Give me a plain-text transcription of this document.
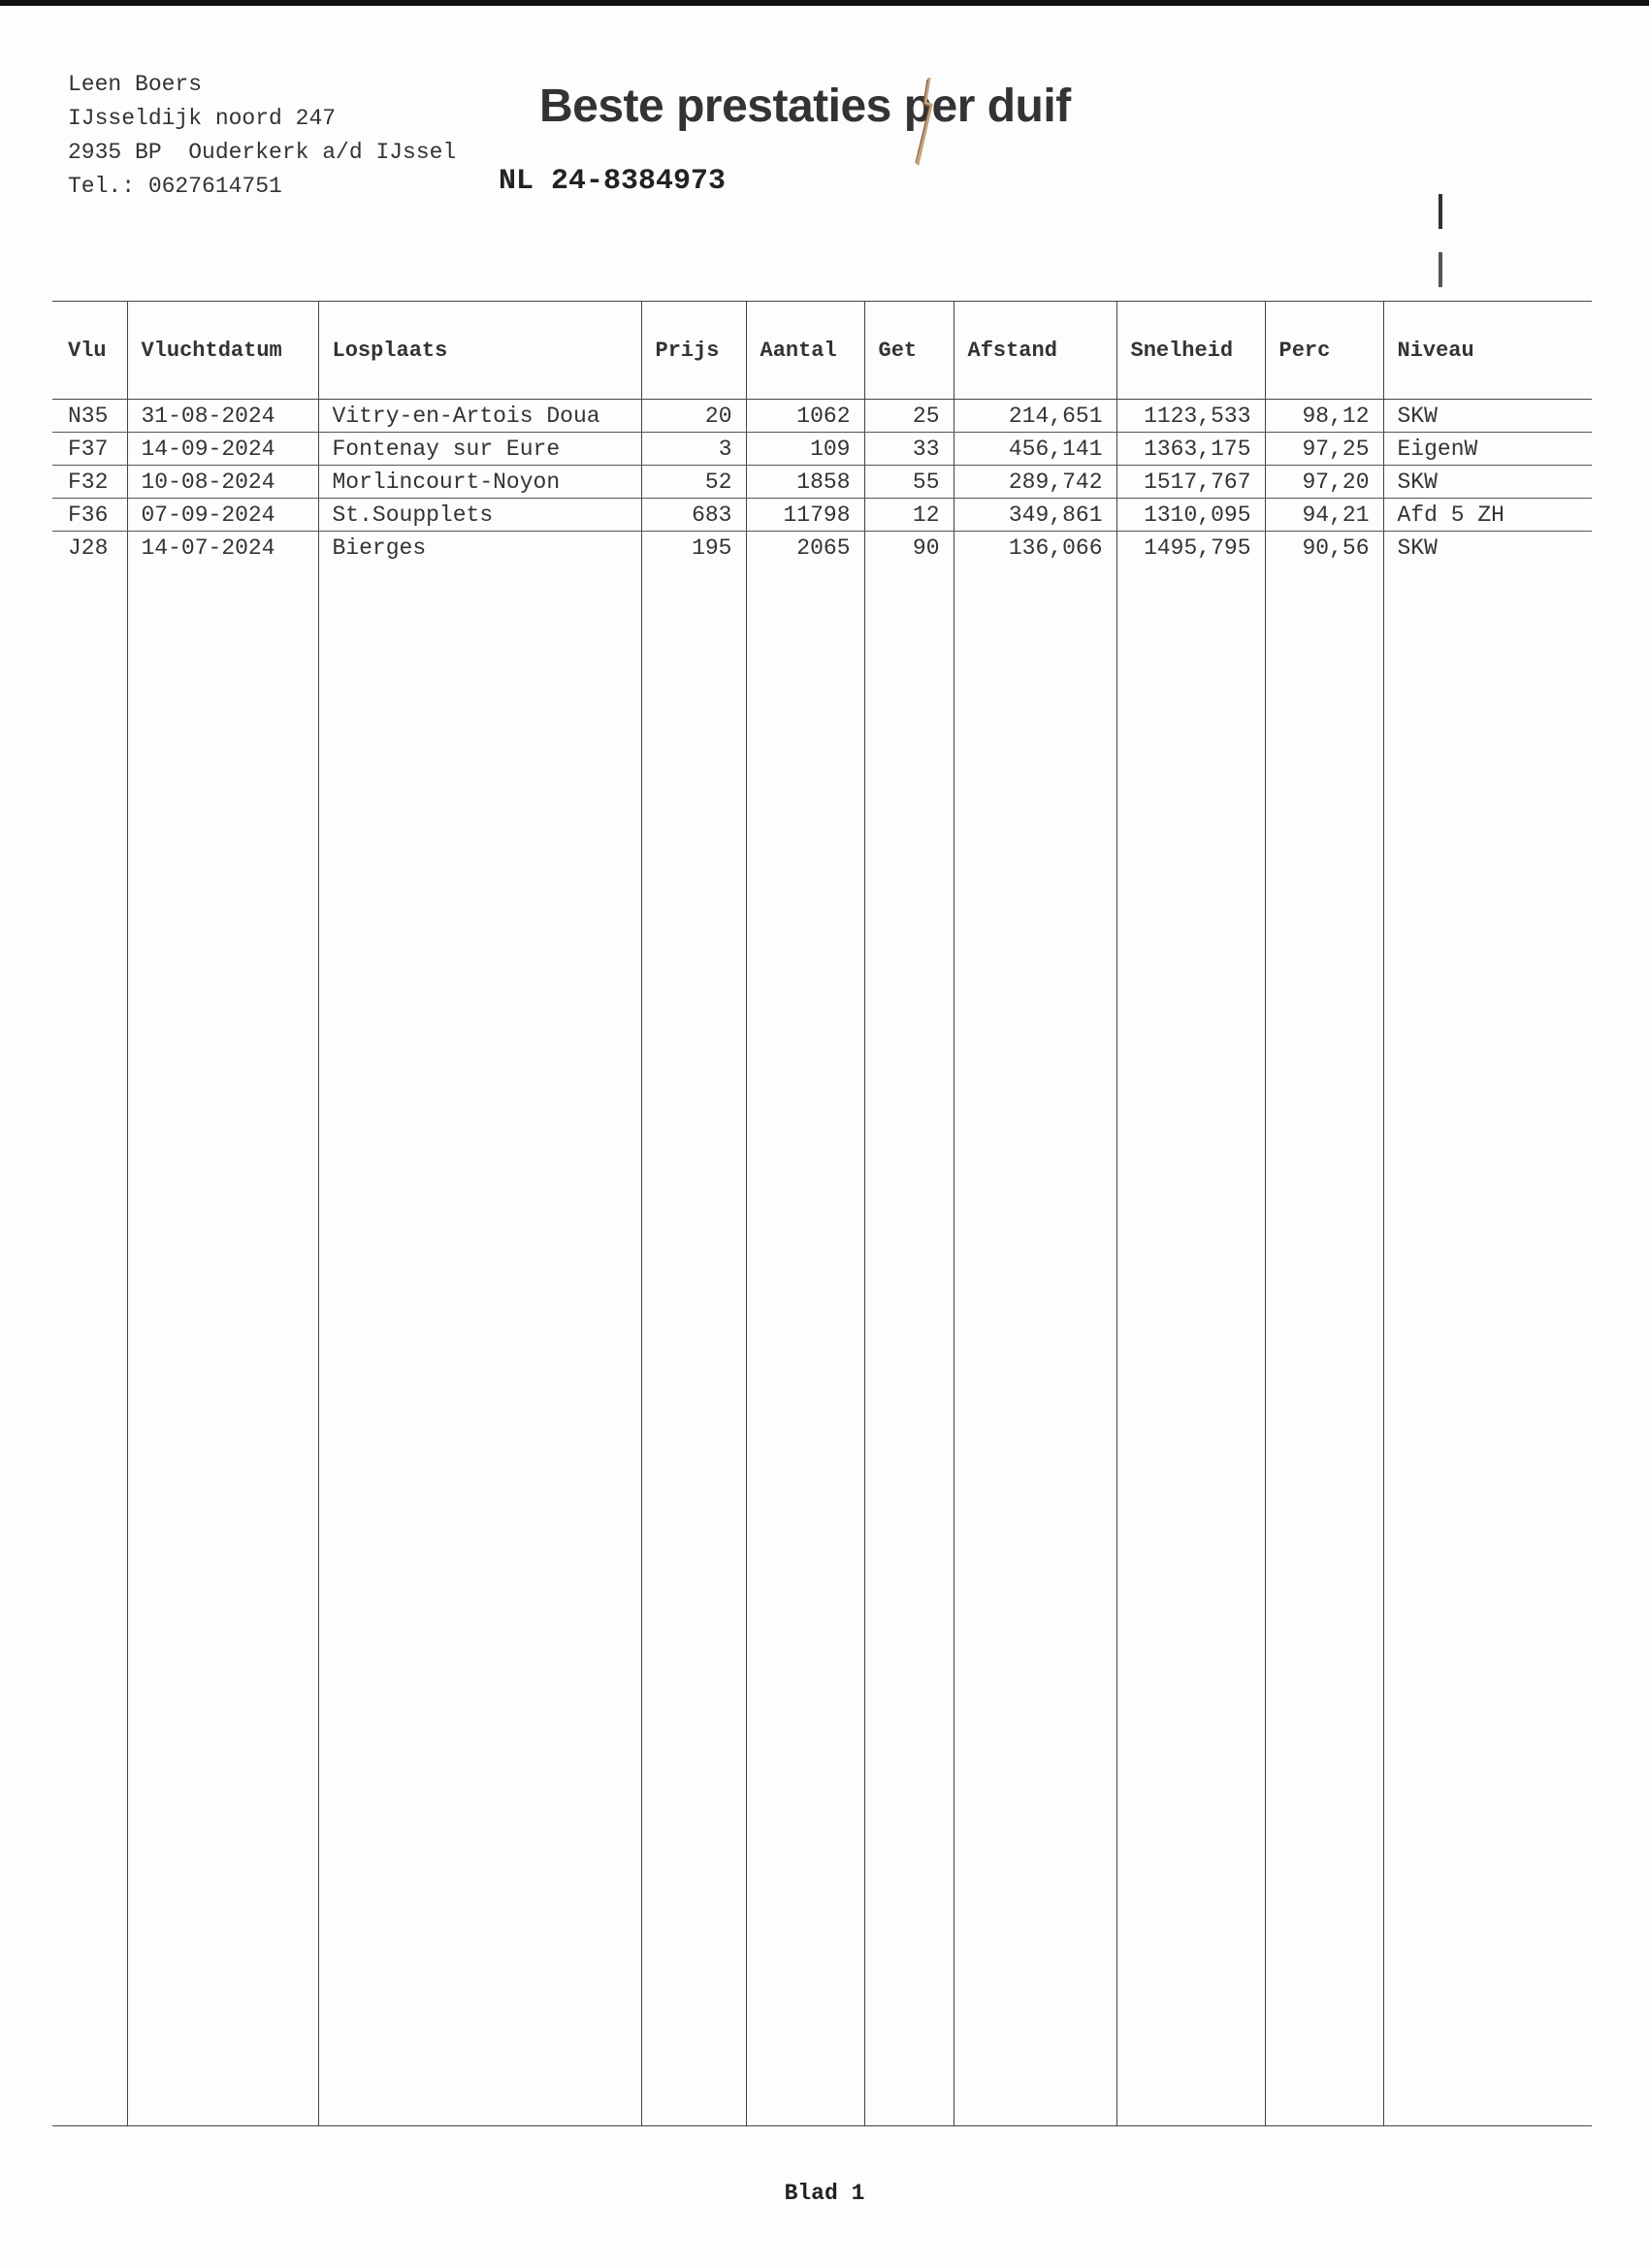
Leen Boers
IJsseldijk noord 247
2935 BP  Ouderkerk a/d IJssel
Tel.: 0627614751
Beste prestaties per duif
NL 24-8384973
Vlu	Vluchtdatum	Losplaats	Prijs	Aantal	Get	Afstand	Snelheid	Perc	Niveau

N35	31-08-2024	Vitry-en-Artois Doua	20	1062	25	214,651	1123,533	98,12	SKW
F37	14-09-2024	Fontenay sur Eure	3	109	33	456,141	1363,175	97,25	EigenW
F32	10-08-2024	Morlincourt-Noyon	52	1858	55	289,742	1517,767	97,20	SKW
F36	07-09-2024	St.Soupplets	683	11798	12	349,861	1310,095	94,21	Afd 5 ZH
J28	14-07-2024	Bierges	195	2065	90	136,066	1495,795	90,56	SKW

Blad 1
